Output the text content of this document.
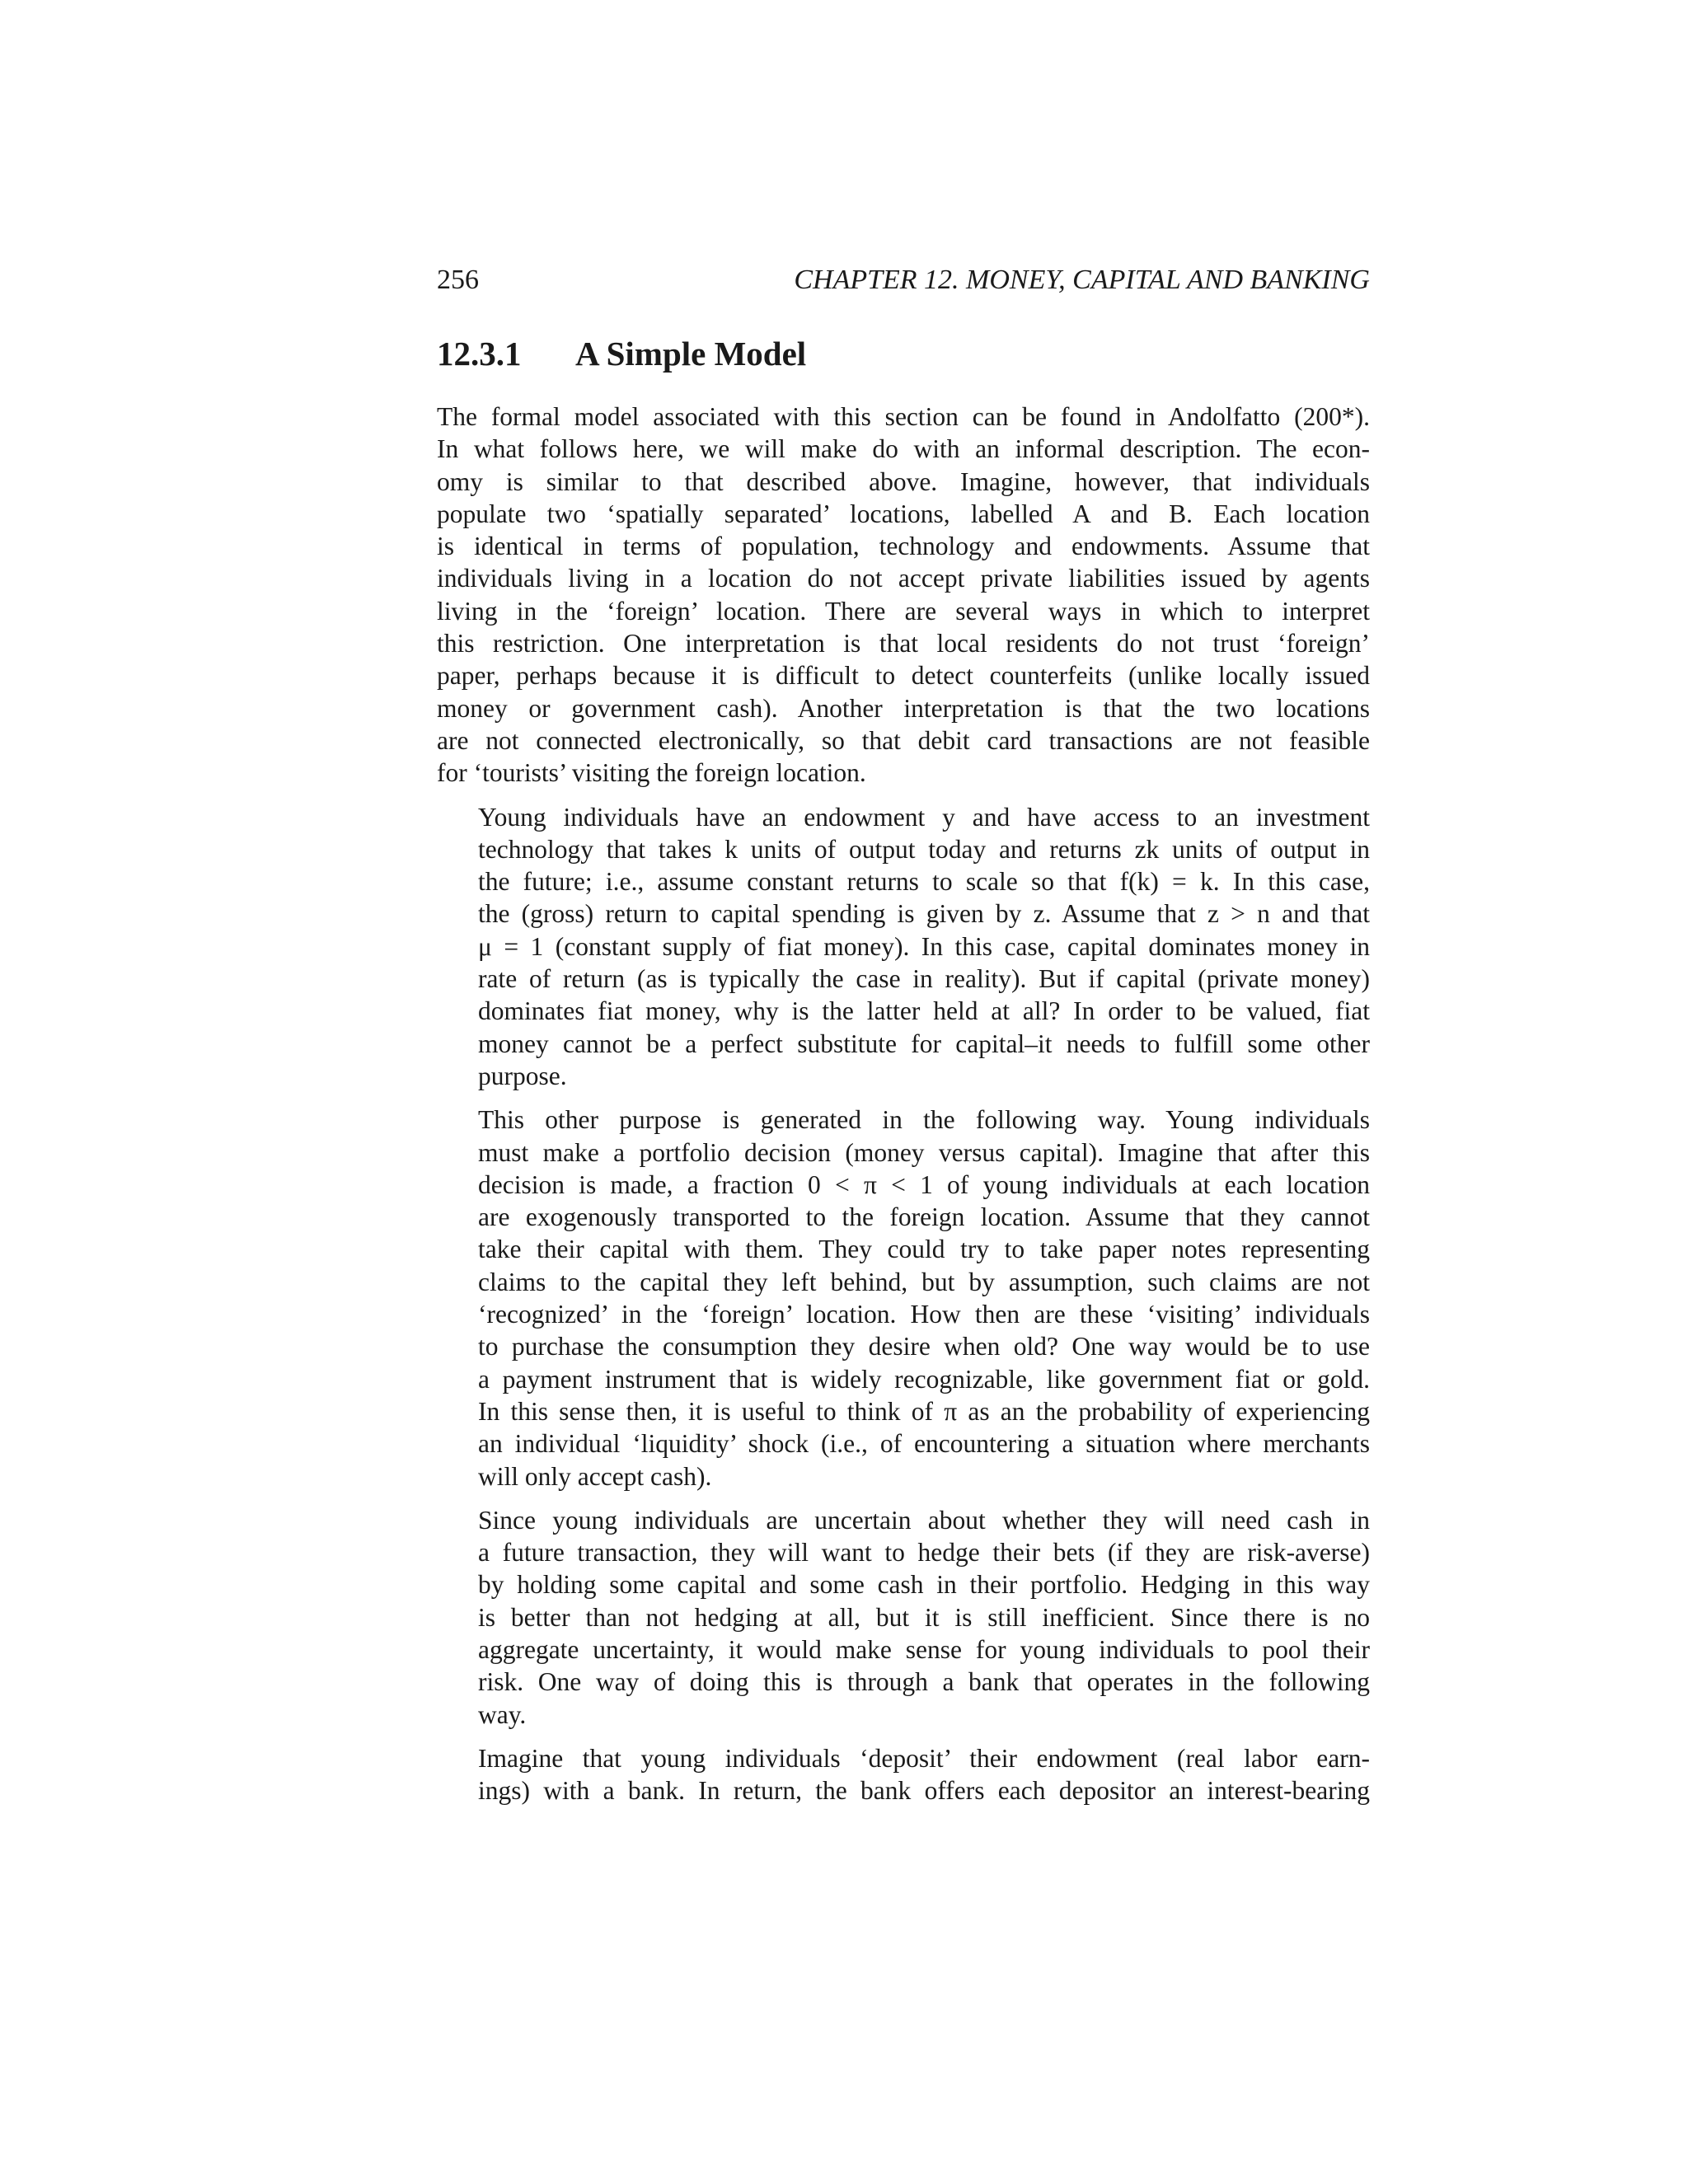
256	CHAPTER 12. MONEY, CAPITAL AND BANKING
12.3.1 A Simple Model
The formal model associated with this section can be found in Andolfatto (200*).
In what follows here, we will make do with an informal description. The econ-
omy is similar to that described above. Imagine, however, that individuals
populate two ‘spatially separated’ locations, labelled A and B. Each location
is identical in terms of population, technology and endowments. Assume that
individuals living in a location do not accept private liabilities issued by agents
living in the ‘foreign’ location. There are several ways in which to interpret
this restriction. One interpretation is that local residents do not trust ‘foreign’
paper, perhaps because it is difficult to detect counterfeits (unlike locally issued
money or government cash). Another interpretation is that the two locations
are not connected electronically, so that debit card transactions are not feasible
for ‘tourists’ visiting the foreign location.
Young individuals have an endowment y and have access to an investment
technology that takes k units of output today and returns zk units of output in
the future; i.e., assume constant returns to scale so that f(k) = k. In this case,
the (gross) return to capital spending is given by z. Assume that z > n and that
μ = 1 (constant supply of fiat money). In this case, capital dominates money in
rate of return (as is typically the case in reality). But if capital (private money)
dominates fiat money, why is the latter held at all? In order to be valued, fiat
money cannot be a perfect substitute for capital–it needs to fulfill some other
purpose.
This other purpose is generated in the following way. Young individuals
must make a portfolio decision (money versus capital). Imagine that after this
decision is made, a fraction 0 < π < 1 of young individuals at each location
are exogenously transported to the foreign location. Assume that they cannot
take their capital with them. They could try to take paper notes representing
claims to the capital they left behind, but by assumption, such claims are not
‘recognized’ in the ‘foreign’ location. How then are these ‘visiting’ individuals
to purchase the consumption they desire when old? One way would be to use
a payment instrument that is widely recognizable, like government fiat or gold.
In this sense then, it is useful to think of π as an the probability of experiencing
an individual ‘liquidity’ shock (i.e., of encountering a situation where merchants
will only accept cash).
Since young individuals are uncertain about whether they will need cash in
a future transaction, they will want to hedge their bets (if they are risk-averse)
by holding some capital and some cash in their portfolio. Hedging in this way
is better than not hedging at all, but it is still inefficient. Since there is no
aggregate uncertainty, it would make sense for young individuals to pool their
risk. One way of doing this is through a bank that operates in the following
way.
Imagine that young individuals ‘deposit’ their endowment (real labor earn-
ings) with a bank. In return, the bank offers each depositor an interest-bearing
